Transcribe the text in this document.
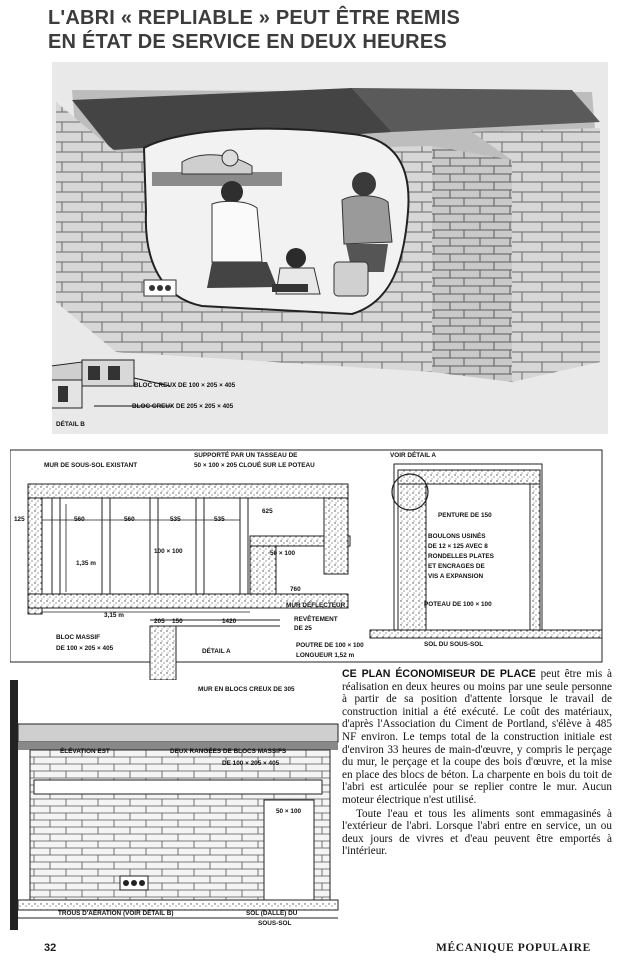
L'ABRI « REPLIABLE » PEUT ÊTRE REMIS
EN ÉTAT DE SERVICE EN DEUX HEURES
BLOC CREUX DE 100 × 205 × 405
BLOC CREUX DE 205 × 205 × 405
DÉTAIL B
SUPPORTÉ PAR UN TASSEAU DE
50 × 100 × 205 CLOUÉ SUR LE POTEAU
MUR DE SOUS-SOL EXISTANT
VOIR DÉTAIL A
125	560	560	535	535
625
100 × 100	50 × 100
1,35 m
760
3,15 m
205 150	1420
MUR DÉFLECTEUR
REVÊTEMENT
DE 25
BLOC MASSIF
DE 100 × 205 × 405	DÉTAIL A
POUTRE DE 100 × 100
LONGUEUR 1,52 m
MUR EN BLOCS CREUX DE 305
PENTURE DE 150
BOULONS USINÉS
DE 12 × 125 AVEC 8
RONDELLES PLATES
ET ENCRAGES DE
VIS A EXPANSION
POTEAU DE 100 × 100
SOL DU SOUS-SOL
ÉLÉVATION EST	DEUX RANGÉES DE BLOCS MASSIFS
DE 100 × 205 × 405
50 × 100
TROUS D'AÉRATION (VOIR DÉTAIL B)	SOL (DALLE) DU
SOUS-SOL

CE PLAN ÉCONOMISEUR DE PLACE peut être mis à réalisation en deux heures ou moins par une seule personne à partir de sa position d'attente lorsque le travail de construction initial a été exécuté. Le coût des matériaux, d'après l'Association du Ciment de Portland, s'élève à 485 NF environ. Le temps total de la construction initiale est d'environ 33 heures de main-d'œuvre, y compris le perçage du mur, le perçage et la coupe des bois d'œuvre, et la mise en place des blocs de béton. La charpente en bois du toit de l'abri est articulée pour se replier contre le mur. Aucun moteur électrique n'est utilisé.

Toute l'eau et tous les aliments sont emmagasinés à l'extérieur de l'abri. Lorsque l'abri entre en service, un ou deux jours de vivres et d'eau peuvent être emportés à l'intérieur.

32	MÉCANIQUE POPULAIRE
